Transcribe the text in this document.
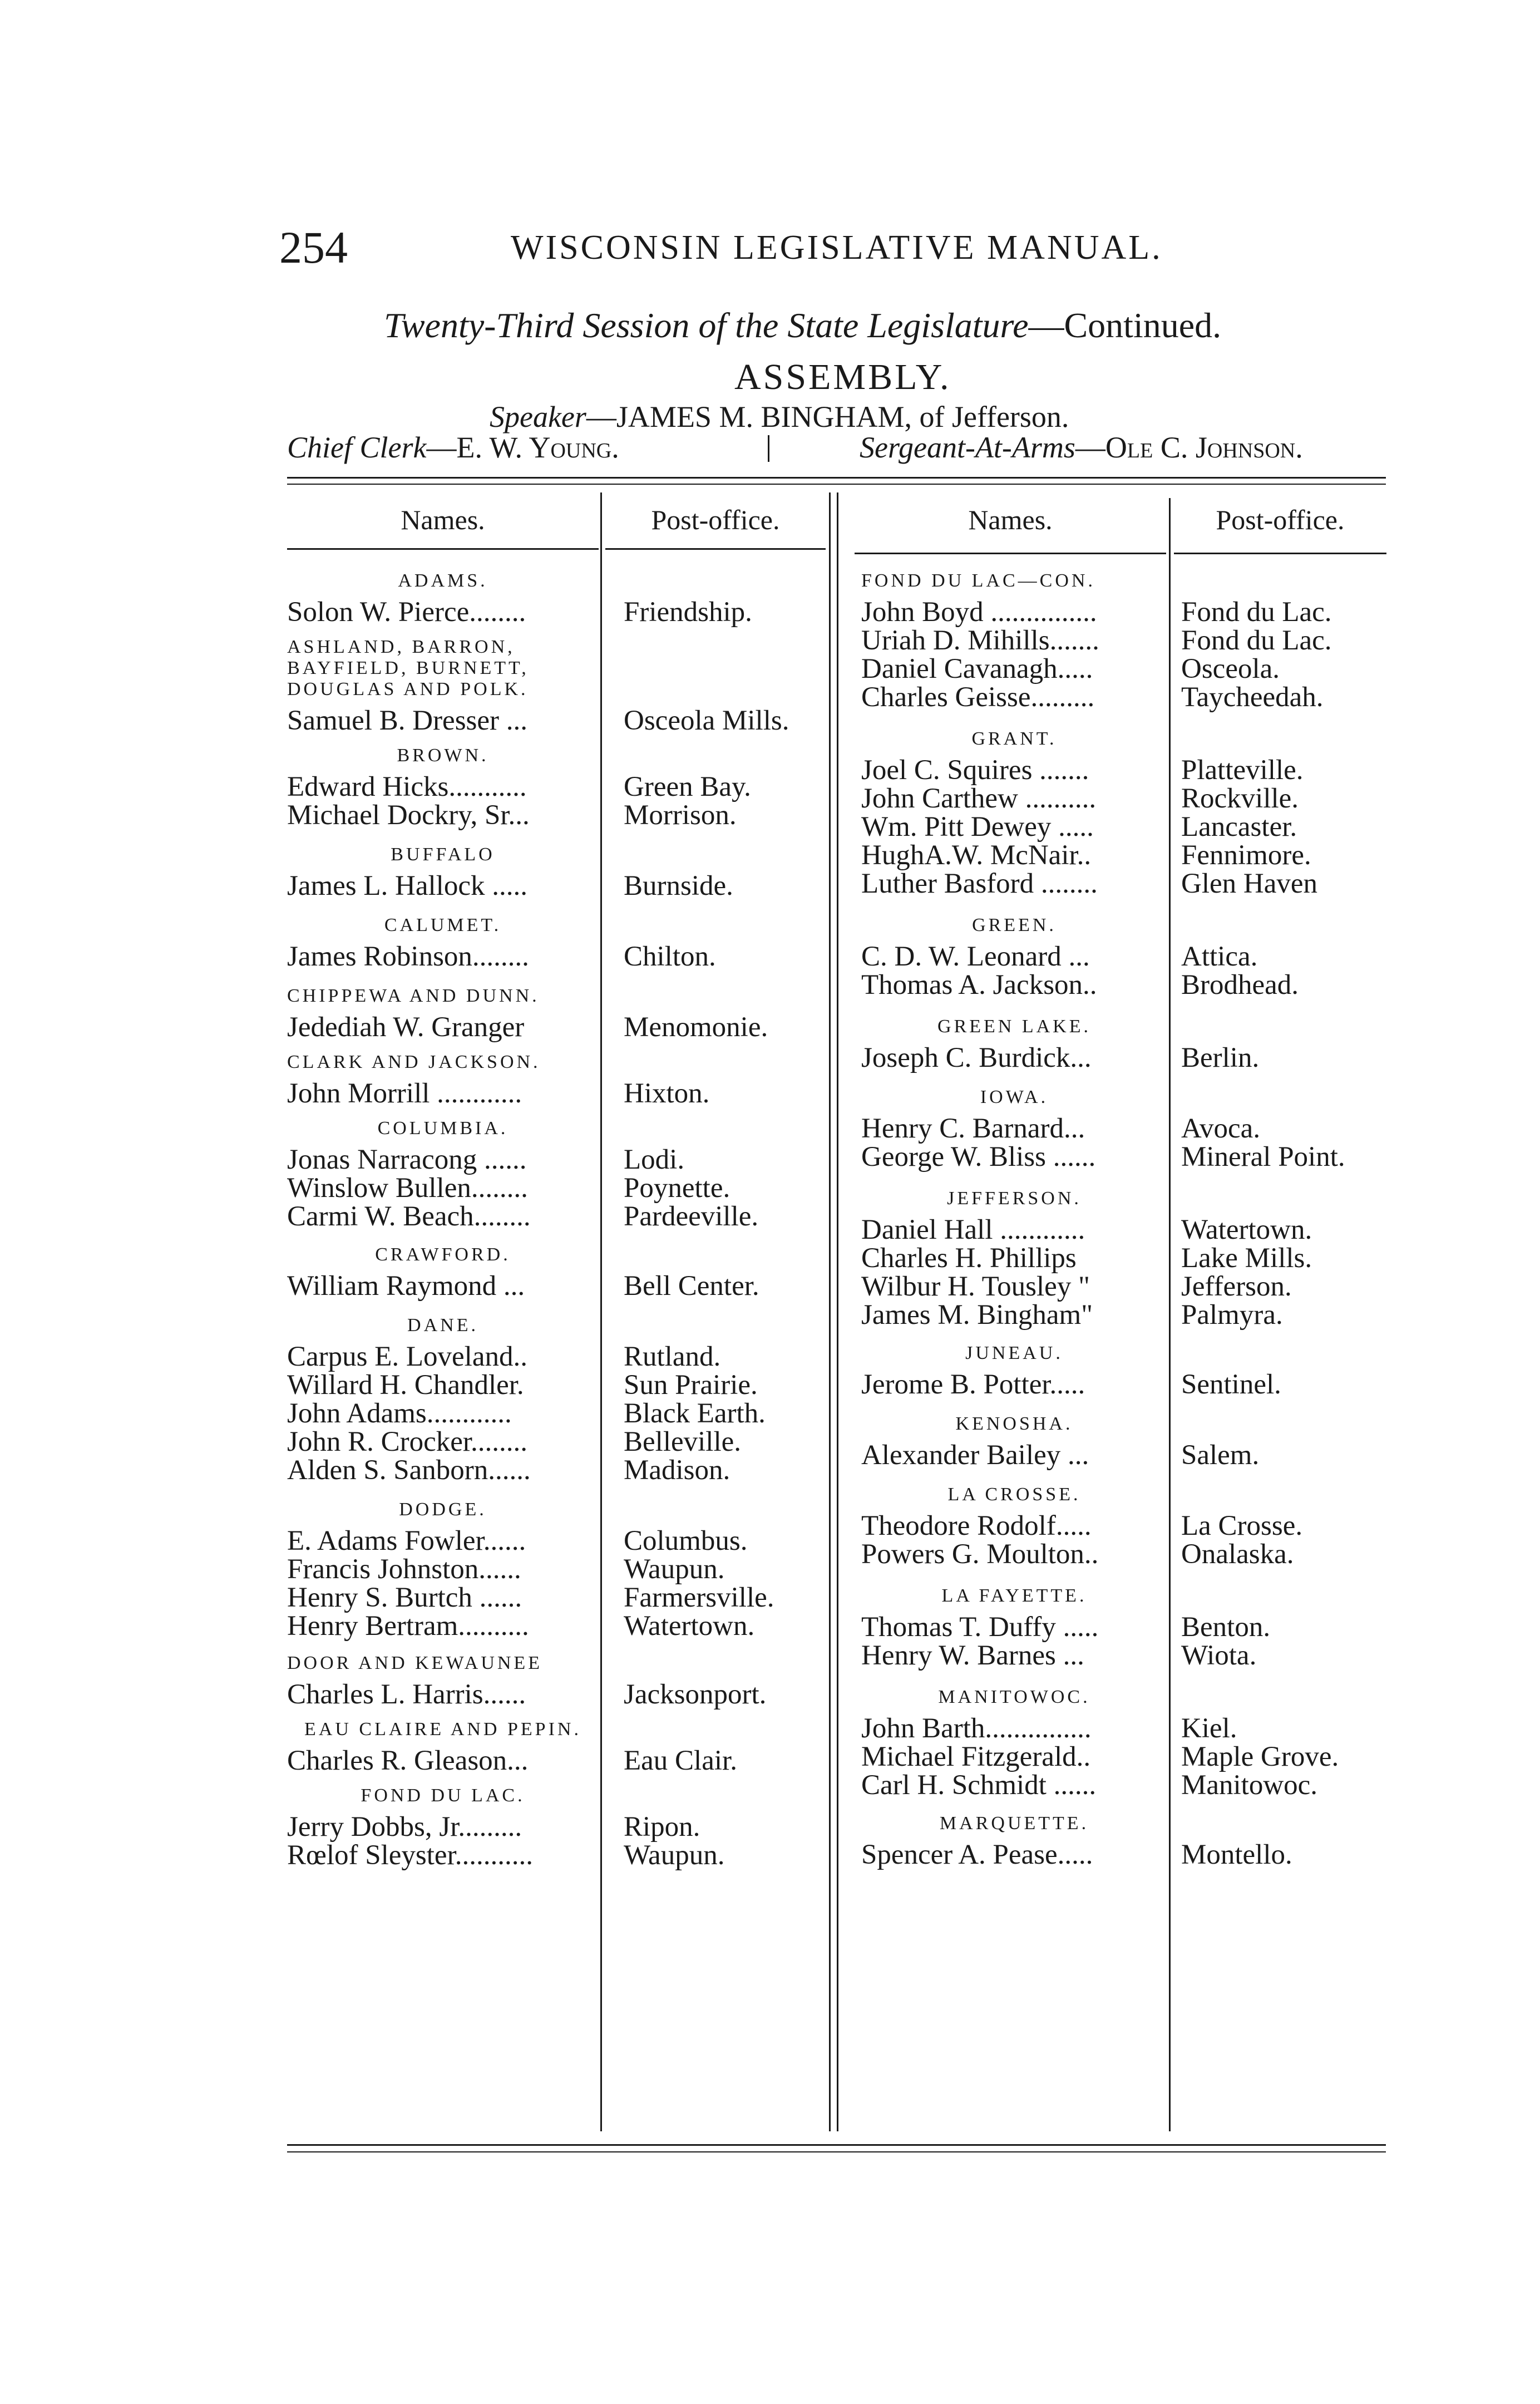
254	WISCONSIN LEGISLATIVE MANUAL.
Twenty-Third Session of the State Legislature—Continued.
ASSEMBLY.
Speaker—JAMES M. BINGHAM, of Jefferson.
Chief Clerk—E. W. Young.	Sergeant-At-Arms—Ole C. Johnson.
Names.	Post-office.	Names.	Post-office.
ADAMS.
Solon W. Pierce........	Friendship.
ASHLAND, BARRON, BAYFIELD, BURNETT, DOUGLAS AND POLK.
Samuel B. Dresser ...	Osceola Mills.
BROWN.
Edward Hicks...........	Green Bay.
Michael Dockry, Sr...	Morrison.
BUFFALO
James L. Hallock .....	Burnside.
CALUMET.
James Robinson........	Chilton.
CHIPPEWA AND DUNN.
Jedediah W. Granger	Menomonie.
CLARK AND JACKSON.
John Morrill ............	Hixton.
COLUMBIA.
Jonas Narracong ......	Lodi.
Winslow Bullen........	Poynette.
Carmi W. Beach........	Pardeeville.
CRAWFORD.
William Raymond ...	Bell Center.
DANE.
Carpus E. Loveland..	Rutland.
Willard H. Chandler.	Sun Prairie.
John Adams............	Black Earth.
John R. Crocker........	Belleville.
Alden S. Sanborn......	Madison.
DODGE.
E. Adams Fowler......	Columbus.
Francis Johnston......	Waupun.
Henry S. Burtch ......	Farmersville.
Henry Bertram..........	Watertown.
DOOR AND KEWAUNEE
Charles L. Harris......	Jacksonport.
EAU CLAIRE AND PEPIN.
Charles R. Gleason...	Eau Clair.
FOND DU LAC.
Jerry Dobbs, Jr.........	Ripon.
Rœlof Sleyster...........	Waupun.
FOND DU LAC—CON.
John Boyd ...............	Fond du Lac.
Uriah D. Mihills.......	Fond du Lac.
Daniel Cavanagh.....	Osceola.
Charles Geisse.........	Taycheedah.
GRANT.
Joel C. Squires .......	Platteville.
John Carthew ..........	Rockville.
Wm. Pitt Dewey .....	Lancaster.
HughA.W. McNair..	Fennimore.
Luther Basford ........	Glen Haven
GREEN.
C. D. W. Leonard ...	Attica.
Thomas A. Jackson..	Brodhead.
GREEN LAKE.
Joseph C. Burdick...	Berlin.
IOWA.
Henry C. Barnard...	Avoca.
George W. Bliss ......	Mineral Point.
JEFFERSON.
Daniel Hall ............	Watertown.
Charles H. Phillips	Lake Mills.
Wilbur H. Tousley "	Jefferson.
James M. Bingham"	Palmyra.
JUNEAU.
Jerome B. Potter.....	Sentinel.
KENOSHA.
Alexander Bailey ...	Salem.
LA CROSSE.
Theodore Rodolf.....	La Crosse.
Powers G. Moulton..	Onalaska.
LA FAYETTE.
Thomas T. Duffy .....	Benton.
Henry W. Barnes ...	Wiota.
MANITOWOC.
John Barth...............	Kiel.
Michael Fitzgerald..	Maple Grove.
Carl H. Schmidt ......	Manitowoc.
MARQUETTE.
Spencer A. Pease.....	Montello.
